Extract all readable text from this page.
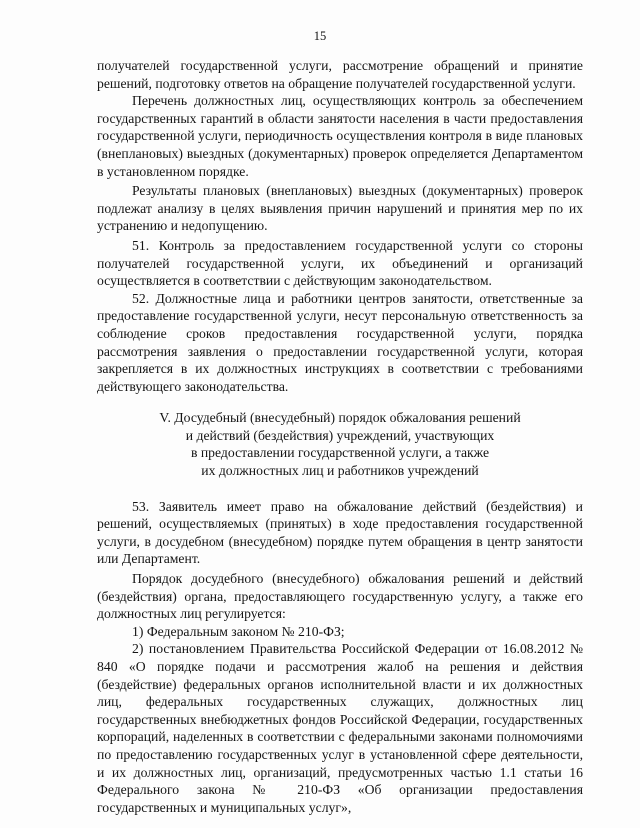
15

получателей государственной услуги, рассмотрение обращений и принятие решений, подготовку ответов на обращение получателей государственной услуги.

Перечень должностных лиц, осуществляющих контроль за обеспечением государственных гарантий в области занятости населения в части предоставления государственной услуги, периодичность осуществления контроля в виде плановых (внеплановых) выездных (документарных) проверок определяется Департаментом в установленном порядке.

Результаты плановых (внеплановых) выездных (документарных) проверок подлежат анализу в целях выявления причин нарушений и принятия мер по их устранению и недопущению.

51. Контроль за предоставлением государственной услуги со стороны получателей государственной услуги, их объединений и организаций осуществляется в соответствии с действующим законодательством.

52. Должностные лица и работники центров занятости, ответственные за предоставление государственной услуги, несут персональную ответственность за соблюдение сроков предоставления государственной услуги, порядка рассмотрения заявления о предоставлении государственной услуги, которая закрепляется в их должностных инструкциях в соответствии с требованиями действующего законодательства.

V. Досудебный (внесудебный) порядок обжалования решений
и действий (бездействия) учреждений, участвующих
в предоставлении государственной услуги, а также
их должностных лиц и работников учреждений

53. Заявитель имеет право на обжалование действий (бездействия) и решений, осуществляемых (принятых) в ходе предоставления государственной услуги, в досудебном (внесудебном) порядке путем обращения в центр занятости или Департамент.

Порядок досудебного (внесудебного) обжалования решений и действий (бездействия) органа, предоставляющего государственную услугу, а также его должностных лиц регулируется:

1) Федеральным законом № 210-ФЗ;

2) постановлением Правительства Российской Федерации от 16.08.2012 № 840 «О порядке подачи и рассмотрения жалоб на решения и действия (бездействие) федеральных органов исполнительной власти и их должностных лиц, федеральных государственных служащих, должностных лиц государственных внебюджетных фондов Российской Федерации, государственных корпораций, наделенных в соответствии с федеральными законами полномочиями по предоставлению государственных услуг в установленной сфере деятельности, и их должностных лиц, организаций, предусмотренных частью 1.1 статьи 16 Федерального закона № 210-ФЗ «Об организации предоставления государственных и муниципальных услуг»,
